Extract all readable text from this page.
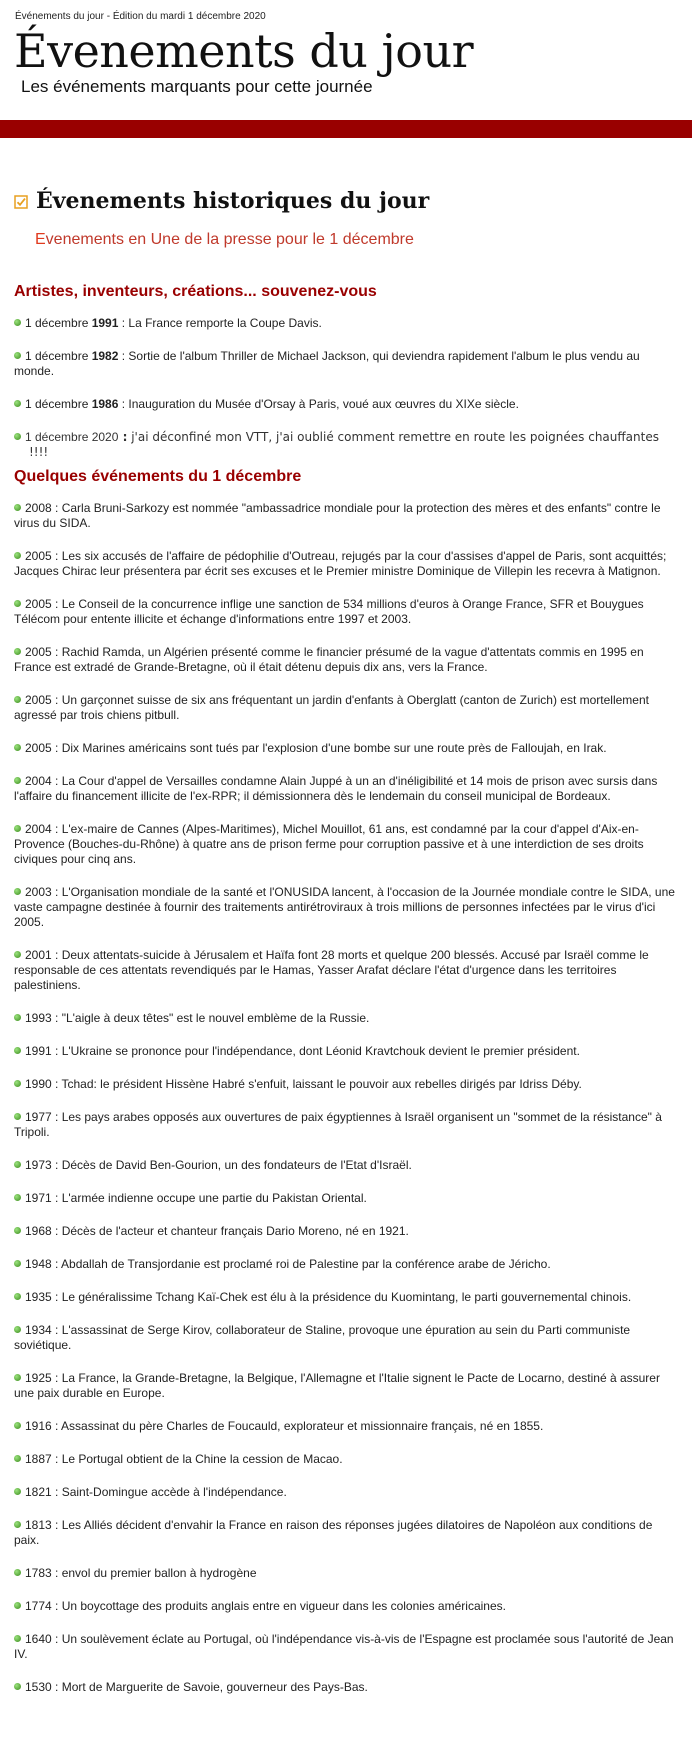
Événements du jour - Édition du mardi 1 décembre 2020
Évenements du jour
Les événements marquants pour cette journée
Évenements historiques du jour
Evenements en Une de la presse pour le 1 décembre
Artistes, inventeurs, créations... souvenez-vous
1 décembre 1991 : La France remporte la Coupe Davis.
1 décembre 1982 : Sortie de l'album Thriller de Michael Jackson, qui deviendra rapidement l'album le plus vendu au monde.
1 décembre 1986 : Inauguration du Musée d'Orsay à Paris, voué aux œuvres du XIXe siècle.
1 décembre 2020 : j'ai déconfiné mon VTT, j'ai oublié comment remettre en route les poignées chauffantes !!!!
Quelques événements du 1 décembre
2008 : Carla Bruni-Sarkozy est nommée "ambassadrice mondiale pour la protection des mères et des enfants" contre le virus du SIDA.
2005 : Les six accusés de l'affaire de pédophilie d'Outreau, rejugés par la cour d'assises d'appel de Paris, sont acquittés; Jacques Chirac leur présentera par écrit ses excuses et le Premier ministre Dominique de Villepin les recevra à Matignon.
2005 : Le Conseil de la concurrence inflige une sanction de 534 millions d'euros à Orange France, SFR et Bouygues Télécom pour entente illicite et échange d'informations entre 1997 et 2003.
2005 : Rachid Ramda, un Algérien présenté comme le financier présumé de la vague d'attentats commis en 1995 en France est extradé de Grande-Bretagne, où il était détenu depuis dix ans, vers la France.
2005 : Un garçonnet suisse de six ans fréquentant un jardin d'enfants à Oberglatt (canton de Zurich) est mortellement agressé par trois chiens pitbull.
2005 : Dix Marines américains sont tués par l'explosion d'une bombe sur une route près de Falloujah, en Irak.
2004 : La Cour d'appel de Versailles condamne Alain Juppé à un an d'inéligibilité et 14 mois de prison avec sursis dans l'affaire du financement illicite de l'ex-RPR; il démissionnera dès le lendemain du conseil municipal de Bordeaux.
2004 : L'ex-maire de Cannes (Alpes-Maritimes), Michel Mouillot, 61 ans, est condamné par la cour d'appel d'Aix-en-Provence (Bouches-du-Rhône) à quatre ans de prison ferme pour corruption passive et à une interdiction de ses droits civiques pour cinq ans.
2003 : L'Organisation mondiale de la santé et l'ONUSIDA lancent, à l'occasion de la Journée mondiale contre le SIDA, une vaste campagne destinée à fournir des traitements antirétroviraux à trois millions de personnes infectées par le virus d'ici 2005.
2001 : Deux attentats-suicide à Jérusalem et Haïfa font 28 morts et quelque 200 blessés. Accusé par Israël comme le responsable de ces attentats revendiqués par le Hamas, Yasser Arafat déclare l'état d'urgence dans les territoires palestiniens.
1993 : "L'aigle à deux têtes" est le nouvel emblème de la Russie.
1991 : L'Ukraine se prononce pour l'indépendance, dont Léonid Kravtchouk devient le premier président.
1990 : Tchad: le président Hissène Habré s'enfuit, laissant le pouvoir aux rebelles dirigés par Idriss Déby.
1977 : Les pays arabes opposés aux ouvertures de paix égyptiennes à Israël organisent un "sommet de la résistance" à Tripoli.
1973 : Décès de David Ben-Gourion, un des fondateurs de l'Etat d'Israël.
1971 : L'armée indienne occupe une partie du Pakistan Oriental.
1968 : Décès de l'acteur et chanteur français Dario Moreno, né en 1921.
1948 : Abdallah de Transjordanie est proclamé roi de Palestine par la conférence arabe de Jéricho.
1935 : Le généralissime Tchang Kaï-Chek est élu à la présidence du Kuomintang, le parti gouvernemental chinois.
1934 : L'assassinat de Serge Kirov, collaborateur de Staline, provoque une épuration au sein du Parti communiste soviétique.
1925 : La France, la Grande-Bretagne, la Belgique, l'Allemagne et l'Italie signent le Pacte de Locarno, destiné à assurer une paix durable en Europe.
1916 : Assassinat du père Charles de Foucauld, explorateur et missionnaire français, né en 1855.
1887 : Le Portugal obtient de la Chine la cession de Macao.
1821 : Saint-Domingue accède à l'indépendance.
1813 : Les Alliés décident d'envahir la France en raison des réponses jugées dilatoires de Napoléon aux conditions de paix.
1783 : envol du premier ballon à hydrogène
1774 : Un boycottage des produits anglais entre en vigueur dans les colonies américaines.
1640 : Un soulèvement éclate au Portugal, où l'indépendance vis-à-vis de l'Espagne est proclamée sous l'autorité de Jean IV.
1530 : Mort de Marguerite de Savoie, gouverneur des Pays-Bas.
